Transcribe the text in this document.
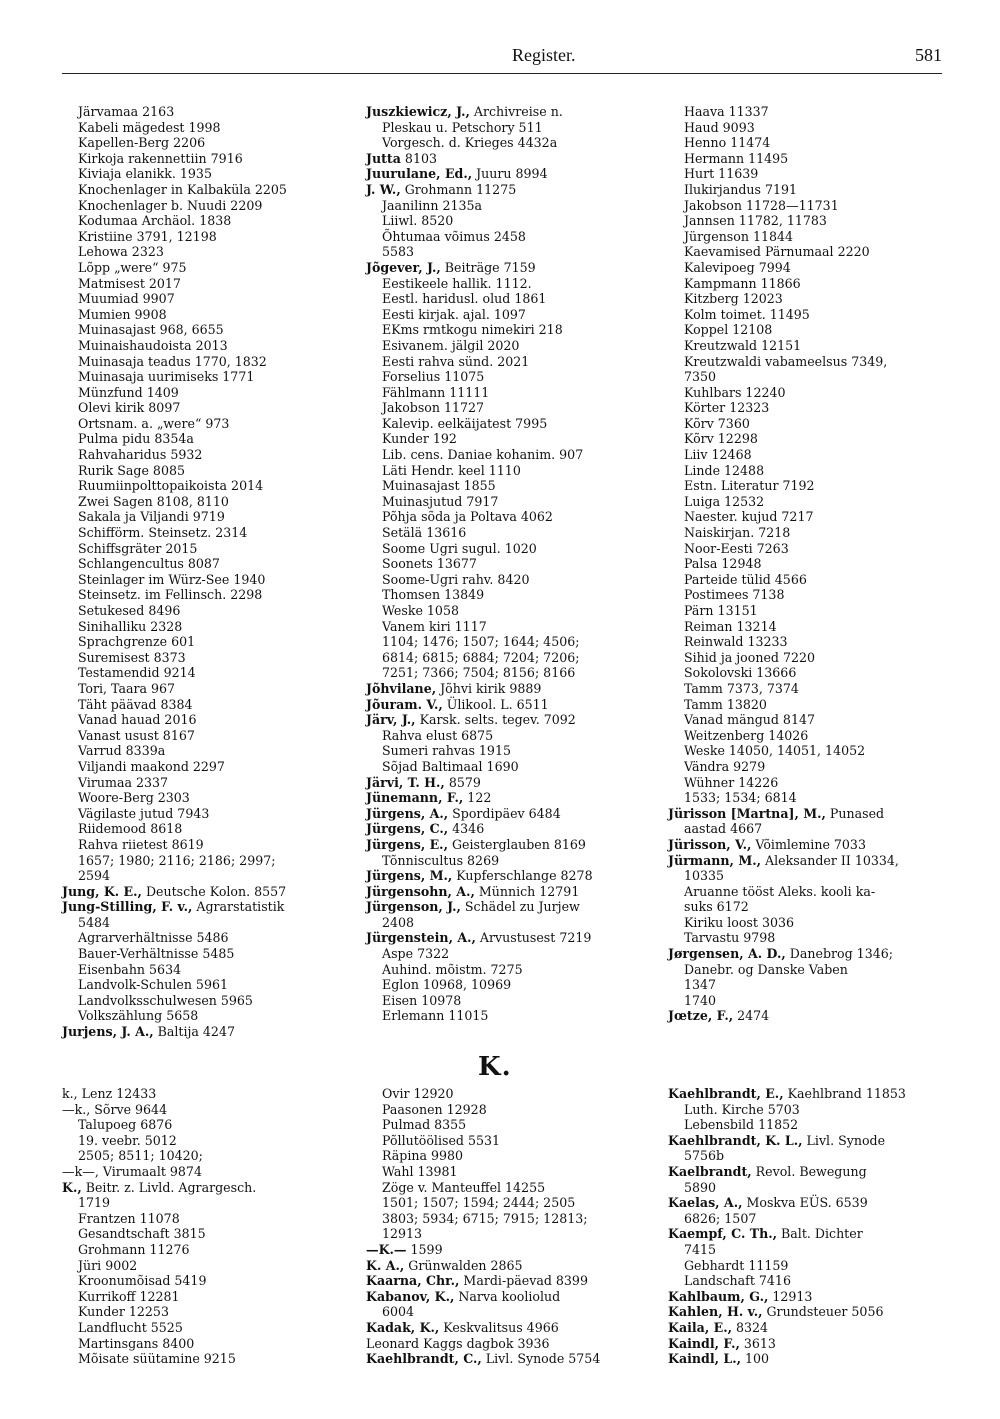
Register.	581
Järvamaa 2163
Kabeli mägedest 1998
Kapellen-Berg 2206
Kirkoja rakennettiin 7916
Kiviaja elanikk. 1935
Knochenlager in Kalbaküla 2205
Knochenlager b. Nuudi 2209
Kodumaa Archäol. 1838
Kristiine 3791, 12198
Lehowa 2323
Lõpp „were“ 975
Matmisest 2017
Muumiad 9907
Mumien 9908
Muinasajast 968, 6655
Muinaishaudoista 2013
Muinasaja teadus 1770, 1832
Muinasaja uurimiseks 1771
Münzfund 1409
Olevi kirik 8097
Ortsnam. a. „were“ 973
Pulma pidu 8354a
Rahvaharidus 5932
Rurik Sage 8085
Ruumiinpolttopaikoista 2014
Zwei Sagen 8108, 8110
Sakala ja Viljandi 9719
Schifförm. Steinsetz. 2314
Schiffsgräter 2015
Schlangencultus 8087
Steinlager im Würz-See 1940
Steinsetz. im Fellinsch. 2298
Setukesed 8496
Sinihalliku 2328
Sprachgrenze 601
Suremisest 8373
Testamendid 9214
Tori, Taara 967
Täht päävad 8384
Vanad hauad 2016
Vanast usust 8167
Varrud 8339a
Viljandi maakond 2297
Virumaa 2337
Woore-Berg 2303
Vägilaste jutud 7943
Riidemood 8618
Rahva riietest 8619
1657; 1980; 2116; 2186; 2997;
2594
Jung, K. E., Deutsche Kolon. 8557
Jung-Stilling, F. v., Agrarstatistik
5484
Agrarverhältnisse 5486
Bauer-Verhältnisse 5485
Eisenbahn 5634
Landvolk-Schulen 5961
Landvolksschulwesen 5965
Volkszählung 5658
Jurjens, J. A., Baltija 4247
Juszkiewicz, J., Archivreise n.
Pleskau u. Petschory 511
Vorgesch. d. Krieges 4432a
Jutta 8103
Juurulane, Ed., Juuru 8994
J. W., Grohmann 11275
Jaanilinn 2135a
Liiwl. 8520
Õhtumaa võimus 2458
5583
Jõgever, J., Beiträge 7159
Eestikeele hallik. 1112.
Eestl. haridusl. olud 1861
Eesti kirjak. ajal. 1097
EKms rmtkogu nimekiri 218
Esivanem. jälgil 2020
Eesti rahva sünd. 2021
Forselius 11075
Fählmann 11111
Jakobson 11727
Kalevip. eelkäijatest 7995
Kunder 192
Lib. cens. Daniae kohanim. 907
Läti Hendr. keel 1110
Muinasajast 1855
Muinasjutud 7917
Põhja sõda ja Poltava 4062
Setälä 13616
Soome Ugri sugul. 1020
Soonets 13677
Soome-Ugri rahv. 8420
Thomsen 13849
Weske 1058
Vanem kiri 1117
1104; 1476; 1507; 1644; 4506;
6814; 6815; 6884; 7204; 7206;
7251; 7366; 7504; 8156; 8166
Jõhvilane, Jõhvi kirik 9889
Jõuram. V., Ülikool. L. 6511
Järv, J., Karsk. selts. tegev. 7092
Rahva elust 6875
Sumeri rahvas 1915
Sõjad Baltimaal 1690
Järvi, T. H., 8579
Jünemann, F., 122
Jürgens, A., Spordipäev 6484
Jürgens, C., 4346
Jürgens, E., Geisterglauben 8169
Tõnniscultus 8269
Jürgens, M., Kupferschlange 8278
Jürgensohn, A., Münnich 12791
Jürgenson, J., Schädel zu Jurjew
2408
Jürgenstein, A., Arvustusest 7219
Aspe 7322
Auhind. mõistm. 7275
Eglon 10968, 10969
Eisen 10978
Erlemann 11015
Haava 11337
Haud 9093
Henno 11474
Hermann 11495
Hurt 11639
Ilukirjandus 7191
Jakobson 11728—11731
Jannsen 11782, 11783
Jürgenson 11844
Kaevamised Pärnumaal 2220
Kalevipoeg 7994
Kampmann 11866
Kitzberg 12023
Kolm toimet. 11495
Koppel 12108
Kreutzwald 12151
Kreutzwaldi vabameelsus 7349,
7350
Kuhlbars 12240
Körter 12323
Kõrv 7360
Kõrv 12298
Liiv 12468
Linde 12488
Estn. Literatur 7192
Luiga 12532
Naester. kujud 7217
Naiskirjan. 7218
Noor-Eesti 7263
Palsa 12948
Parteide tülid 4566
Postimees 7138
Pärn 13151
Reiman 13214
Reinwald 13233
Sihid ja jooned 7220
Sokolovski 13666
Tamm 7373, 7374
Tamm 13820
Vanad mängud 8147
Weitzenberg 14026
Weske 14050, 14051, 14052
Vändra 9279
Wühner 14226
1533; 1534; 6814
Jürisson [Martna], M., Punased
aastad 4667
Jürisson, V., Võimlemine 7033
Jürmann, M., Aleksander II 10334,
10335
Aruanne tööst Aleks. kooli ka-
suks 6172
Kiriku loost 3036
Tarvastu 9798
Jørgensen, A. D., Danebrog 1346;
Danebr. og Danske Vaben
1347
1740
Jœtze, F., 2474
K.
k., Lenz 12433
—k., Sõrve 9644
Talupoeg 6876
19. veebr. 5012
2505; 8511; 10420;
—k—, Virumaalt 9874
K., Beitr. z. Livld. Agrargesch.
1719
Frantzen 11078
Gesandtschaft 3815
Grohmann 11276
Jüri 9002
Kroonumõisad 5419
Kurrikoff 12281
Kunder 12253
Landflucht 5525
Martinsgans 8400
Mõisate süütamine 9215
Ovir 12920
Paasonen 12928
Pulmad 8355
Põllutöölised 5531
Räpina 9980
Wahl 13981
Zöge v. Manteuffel 14255
1501; 1507; 1594; 2444; 2505
3803; 5934; 6715; 7915; 12813;
12913
—K.— 1599
K. A., Grünwalden 2865
Kaarna, Chr., Mardi-päevad 8399
Kabanov, K., Narva kooliolud
6004
Kadak, K., Keskvalitsus 4966
Leonard Kaggs dagbok 3936
Kaehlbrandt, C., Livl. Synode 5754
Kaehlbrandt, E., Kaehlbrand 11853
Luth. Kirche 5703
Lebensbild 11852
Kaehlbrandt, K. L., Livl. Synode
5756b
Kaelbrandt, Revol. Bewegung
5890
Kaelas, A., Moskva EÜS. 6539
6826; 1507
Kaempf, C. Th., Balt. Dichter
7415
Gebhardt 11159
Landschaft 7416
Kahlbaum, G., 12913
Kahlen, H. v., Grundsteuer 5056
Kaila, E., 8324
Kaindl, F., 3613
Kaindl, L., 100
